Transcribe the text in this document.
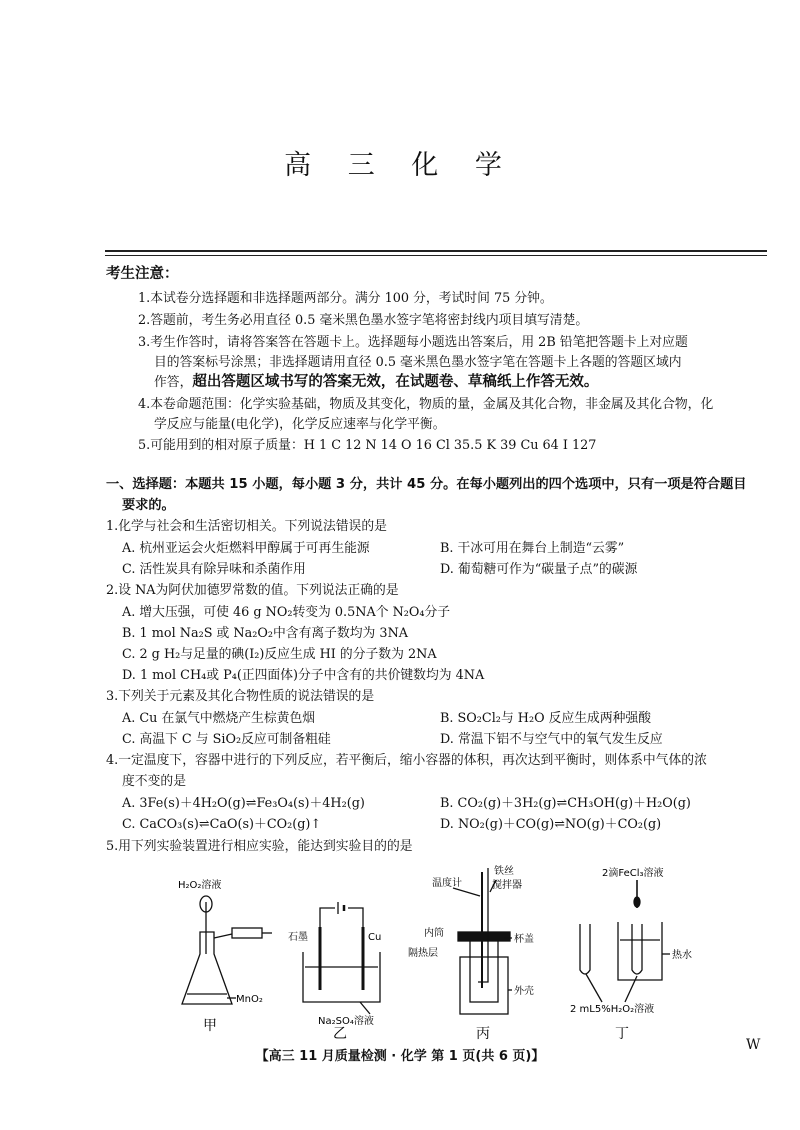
高 三 化 学
考生注意：
1.本试卷分选择题和非选择题两部分。满分 100 分，考试时间 75 分钟。
2.答题前，考生务必用直径 0.5 毫米黑色墨水签字笔将密封线内项目填写清楚。
3.考生作答时，请将答案答在答题卡上。选择题每小题选出答案后，用 2B 铅笔把答题卡上对应题
目的答案标号涂黑；非选择题请用直径 0.5 毫米黑色墨水签字笔在答题卡上各题的答题区域内
作答，超出答题区域书写的答案无效，在试题卷、草稿纸上作答无效。
4.本卷命题范围：化学实验基础，物质及其变化，物质的量，金属及其化合物，非金属及其化合物，化
学反应与能量(电化学)，化学反应速率与化学平衡。
5.可能用到的相对原子质量：H 1 C 12 N 14 O 16 Cl 35.5 K 39 Cu 64 I 127
一、选择题：本题共 15 小题，每小题 3 分，共计 45 分。在每小题列出的四个选项中，只有一项是符合题目
要求的。
1.化学与社会和生活密切相关。下列说法错误的是
A. 杭州亚运会火炬燃料甲醇属于可再生能源	B. 干冰可用在舞台上制造“云雾”
C. 活性炭具有除异味和杀菌作用	D. 葡萄糖可作为“碳量子点”的碳源
2.设 NA为阿伏加德罗常数的值。下列说法正确的是
A. 增大压强，可使 46 g NO₂转变为 0.5NA个 N₂O₄分子
B. 1 mol Na₂S 或 Na₂O₂中含有离子数均为 3NA
C. 2 g H₂与足量的碘(I₂)反应生成 HI 的分子数为 2NA
D. 1 mol CH₄或 P₄(正四面体)分子中含有的共价键数均为 4NA
3.下列关于元素及其化合物性质的说法错误的是
A. Cu 在氯气中燃烧产生棕黄色烟	B. SO₂Cl₂与 H₂O 反应生成两种强酸
C. 高温下 C 与 SiO₂反应可制备粗硅	D. 常温下铝不与空气中的氧气发生反应
4.一定温度下，容器中进行的下列反应，若平衡后，缩小容器的体积，再次达到平衡时，则体系中气体的浓
度不变的是
A. 3Fe(s)＋4H₂O(g)⇌Fe₃O₄(s)＋4H₂(g)	B. CO₂(g)＋3H₂(g)⇌CH₃OH(g)＋H₂O(g)
C. CaCO₃(s)⇌CaO(s)＋CO₂(g)↑	D. NO₂(g)＋CO(g)⇌NO(g)＋CO₂(g)
5.用下列实验装置进行相应实验，能达到实验目的的是
H₂O₂溶液
MnO₂
甲
石墨	Cu
Na₂SO₄溶液
乙
温度计
铁丝
搅拌器
内筒
杯盖
隔热层
外壳
丙
2滴FeCl₃溶液
热水
2 mL5%H₂O₂溶液
丁
【高三 11 月质量检测 · 化学 第 1 页(共 6 页)】
W
